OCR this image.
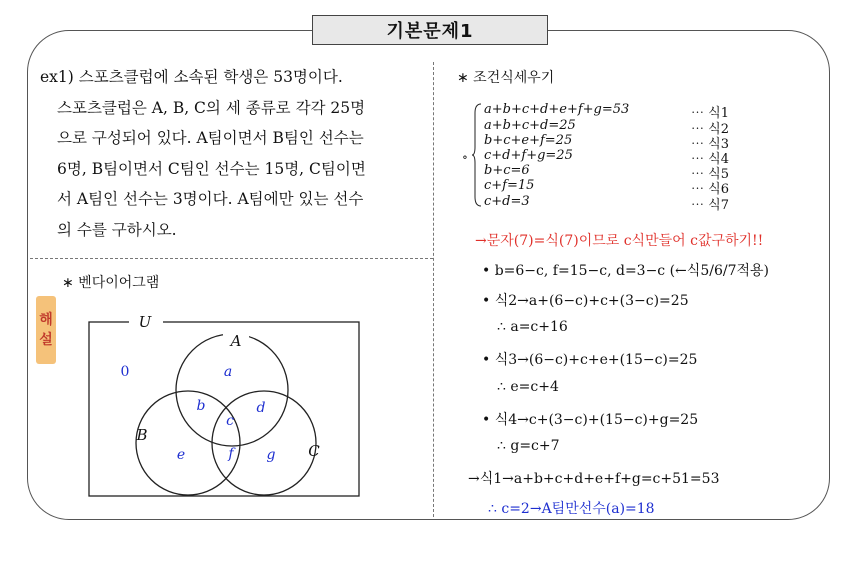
기본문제1
ex1) 스포츠클럽에 소속된 학생은 53명이다.
스포츠클럽은 A, B, C의 세 종류로 각각 25명
으로 구성되어 있다. A팀이면서 B팀인 선수는
6명, B팀이면서 C팀인 선수는 15명, C팀이면
서 A팀인 선수는 3명이다. A팀에만 있는 선수
의 수를 구하시오.
∗ 벤다이어그램
해
설
U
A
B
C
0	a
b
c
d
e	f g
∗ 조건식세우기
∘
a+b+c+d+e+f+g=53	⋯ 식1
a+b+c+d=25	⋯ 식2
b+c+e+f=25	⋯ 식3
c+d+f+g=25	⋯ 식4
b+c=6	⋯ 식5
c+f=15	⋯ 식6
c+d=3	⋯ 식7
→문자(7)=식(7)이므로 c식만들어 c값구하기!!
• b=6−c, f=15−c, d=3−c (←식5/6/7적용)
• 식2→a+(6−c)+c+(3−c)=25
∴ a=c+16
• 식3→(6−c)+c+e+(15−c)=25
∴ e=c+4
• 식4→c+(3−c)+(15−c)+g=25
∴ g=c+7
→식1→a+b+c+d+e+f+g=c+51=53
∴ c=2→A팀만선수(a)=18
